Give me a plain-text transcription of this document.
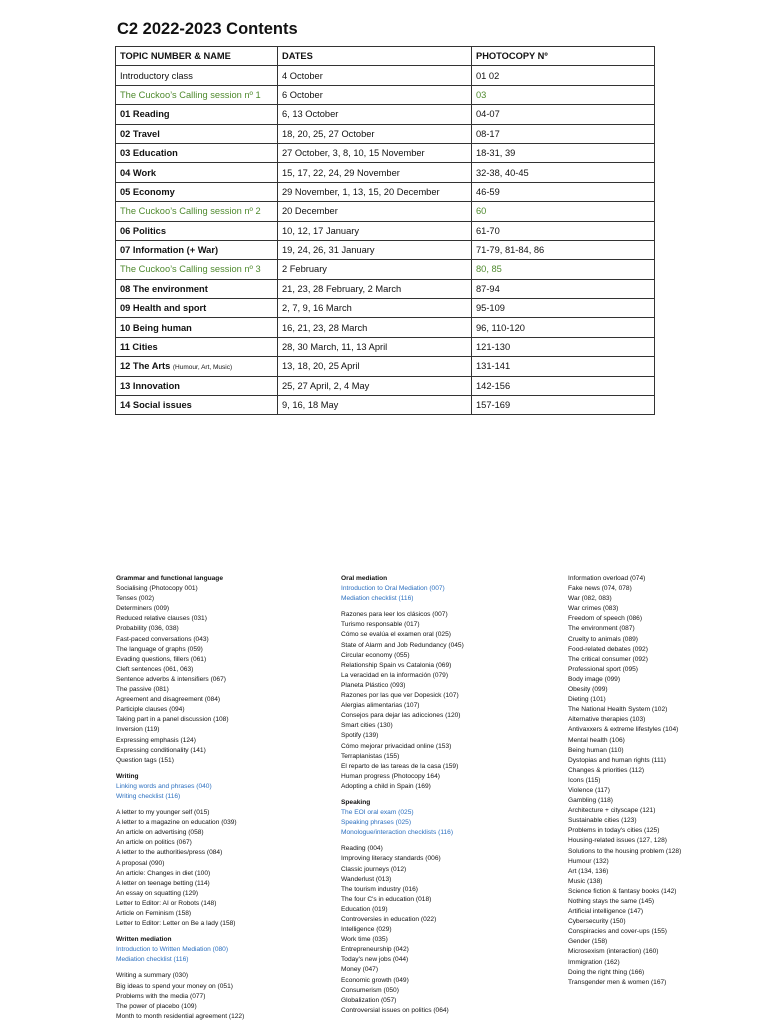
C2 2022-2023 Contents
TOPIC NUMBER & NAME	DATES	PHOTOCOPY Nº
Introductory class	4 October	01 02
The Cuckoo’s Calling session nº 1	6 October	03
01 Reading	6, 13 October	04-07
02 Travel	18, 20, 25, 27 October	08-17
03 Education	27 October, 3, 8, 10, 15 November	18-31, 39
04 Work	15, 17, 22, 24, 29 November	32-38, 40-45
05 Economy	29 November, 1, 13, 15, 20 December	46-59
The Cuckoo’s Calling session nº 2	20 December	60
06 Politics	10, 12, 17 January	61-70
07 Information (+ War)	19, 24, 26, 31 January	71-79, 81-84, 86
The Cuckoo’s Calling session nº 3	2 February	80, 85
08 The environment	21, 23, 28 February, 2 March	87-94
09 Health and sport	2, 7, 9, 16 March	95-109
10 Being human	16, 21, 23, 28 March	96, 110-120
11 Cities	28, 30 March, 11, 13 April	121-130
12 The Arts (Humour, Art, Music)	13, 18, 20, 25 April	131-141
13 Innovation	25, 27 April, 2, 4 May	142-156
14 Social issues	9, 16, 18 May	157-169
Grammar and functional language
Socialising (Photocopy 001)
Tenses (002)
Determiners (009)
Reduced relative clauses (031)
Probability (036, 038)
Fast-paced conversations (043)
The language of graphs (059)
Evading questions, fillers (061)
Cleft sentences (061, 063)
Sentence adverbs & intensifiers (067)
The passive (081)
Agreement and disagreement (084)
Participle clauses (094)
Taking part in a panel discussion (108)
Inversion (119)
Expressing emphasis (124)
Expressing conditionality (141)
Question tags (151)
Writing
Linking words and phrases (040)
Writing checklist (116)
A letter to my younger self (015)
A letter to a magazine on education (039)
An article on advertising (058)
An article on politics (067)
A letter to the authorities/press (084)
A proposal (090)
An article: Changes in diet (100)
A letter on teenage betting (114)
An essay on squatting (129)
Letter to Editor: AI or Robots (148)
Article on Feminism (158)
Letter to Editor: Letter on Be a lady (158)
Written mediation
Introduction to Written Mediation (080)
Mediation checklist (116)
Writing a summary (030)
Big ideas to spend your money on (051)
Problems with the media (077)
The power of placebo (109)
Month to month residential agreement (122)
Oral mediation
Introduction to Oral Mediation (007)
Mediation checklist (116)
Razones para leer los clásicos (007)
Turismo responsable (017)
Cómo se evalúa el examen oral (025)
State of Alarm and Job Redundancy (045)
Circular economy (055)
Relationship Spain vs Catalonia (069)
La veracidad en la información (079)
Planeta Plástico (093)
Razones por las que ver Dopesick (107)
Alergias alimentarias (107)
Consejos para dejar las adicciones (120)
Smart cities (130)
Spotify (139)
Cómo mejorar privacidad online (153)
Terraplanistas (155)
El reparto de las tareas de la casa (159)
Human progress (Photocopy 164)
Adopting a child in Spain (169)
Speaking
The EOI oral exam (025)
Speaking phrases (025)
Monologue/interaction checklists (116)
Reading (004)
Improving literacy standards (006)
Classic journeys (012)
Wanderlust (013)
The tourism industry (016)
The four C's in education (018)
Education (019)
Controversies in education (022)
Intelligence (029)
Work time (035)
Entrepreneurship (042)
Today's new jobs (044)
Money (047)
Economic growth (049)
Consumerism (050)
Globalization (057)
Controversial issues on politics (064)
Information overload (074)
Fake news (074, 078)
War (082, 083)
War crimes (083)
Freedom of speech (086)
The environment (087)
Cruelty to animals (089)
Food-related debates (092)
The critical consumer (092)
Professional sport (095)
Body image (099)
Obesity (099)
Dieting (101)
The National Health System (102)
Alternative therapies (103)
Antivaxxers & extreme lifestyles (104)
Mental health (106)
Being human (110)
Dystopias and human rights (111)
Changes & priorities (112)
Icons (115)
Violence (117)
Gambling (118)
Architecture + cityscape (121)
Sustainable cities (123)
Problems in today's cities (125)
Housing-related issues (127, 128)
Solutions to the housing problem (128)
Humour (132)
Art (134, 136)
Music (138)
Science fiction & fantasy books (142)
Nothing stays the same (145)
Artificial intelligence (147)
Cybersecurity (150)
Conspiracies and cover-ups (155)
Gender (158)
Microsexism (interaction) (160)
Immigration (162)
Doing the right thing (166)
Transgender men & women (167)
